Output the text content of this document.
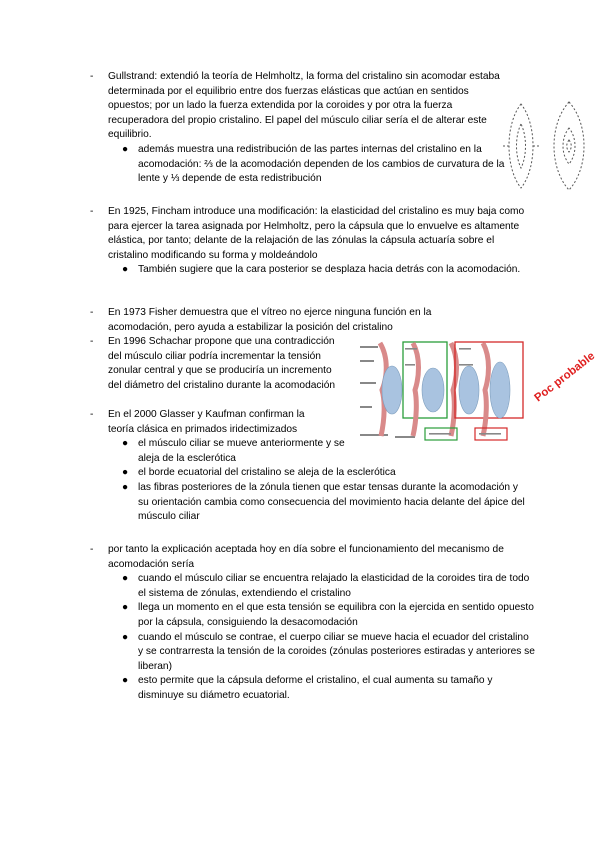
- Gullstrand: extendió la teoría de Helmholtz, la forma del cristalino sin acomodar estaba determinada por el equilibrio entre dos fuerzas elásticas que actúan en sentidos opuestos; por un lado la fuerza extendida por la coroides y por otra la fuerza recuperadora del propio cristalino. El papel del músculo ciliar sería el de alterar este equilibrio.

● además muestra una redistribución de las partes internas del cristalino en la acomodación: ⅔ de la acomodación dependen de los cambios de curvatura de la lente y ⅓ depende de esta redistribución

- En 1925, Fincham introduce una modificación: la elasticidad del cristalino es muy baja como para ejercer la tarea asignada por Helmholtz, pero la cápsula que lo envuelve es altamente elástica, por tanto; delante de la relajación de las zónulas la cápsula actuaría sobre el cristalino modificando su forma y moldeándolo

● También sugiere que la cara posterior se desplaza hacia detrás con la acomodación.

- En 1973 Fisher demuestra que el vítreo no ejerce ninguna función en la acomodación, pero ayuda a estabilizar la posición del cristalino

- En 1996 Schachar propone que una contradicción del músculo ciliar podría incrementar la tensión zonular central y que se produciría un incremento del diámetro del cristalino durante la acomodación

- En el 2000 Glasser y Kaufman confirman la teoría clásica en primados iridectimizados

● el músculo ciliar se mueve anteriormente y se aleja de la esclerótica

● el borde ecuatorial del cristalino se aleja de la esclerótica

● las fibras posteriores de la zónula tienen que estar tensas durante la acomodación y su orientación cambia como consecuencia del movimiento hacia delante del ápice del músculo ciliar

Poc probable
- por tanto la explicación aceptada hoy en día sobre el funcionamiento del mecanismo de acomodación sería

● cuando el músculo ciliar se encuentra relajado la elasticidad de la coroides tira de todo el sistema de zónulas, extendiendo el cristalino

● llega un momento en el que esta tensión se equilibra con la ejercida en sentido opuesto por la cápsula, consiguiendo la desacomodación

● cuando el músculo se contrae, el cuerpo ciliar se mueve hacia el ecuador del cristalino y se contrarresta la tensión de la coroides (zónulas posteriores estiradas y anteriores se liberan)

● esto permite que la cápsula deforme el cristalino, el cual aumenta su tamaño y disminuye su diámetro ecuatorial.
